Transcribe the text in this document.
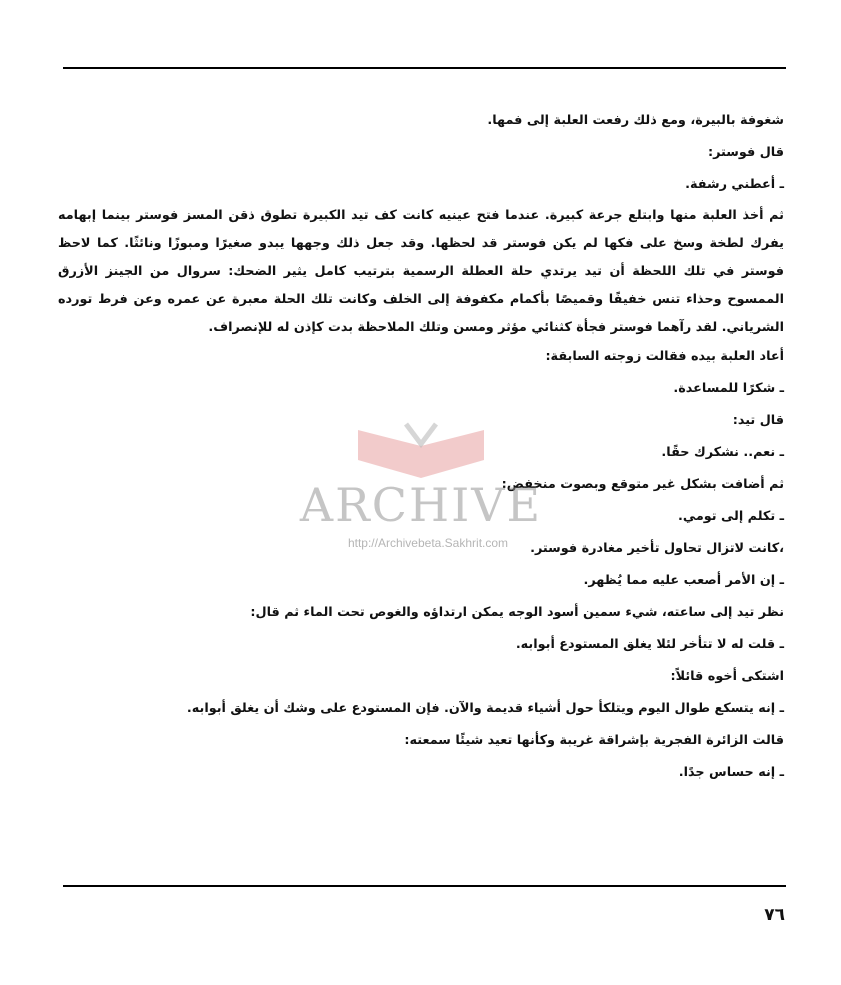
شغوفة بالبيرة، ومع ذلك رفعت العلبة إلى فمها.

قال فوستر:

ـ أعطني رشفة.

ثم أخذ العلبة منها وابتلع جرعة كبيرة. عندما فتح عينيه كانت كف تيد الكبيرة تطوق ذقن المسز فوستر بينما إبهامه يفرك لطخة وسخ على فكها لم يكن فوستر قد لحظها. وقد جعل ذلك وجهها يبدو صغيرًا ومبوزًا ونائثًا. كما لاحظ فوستر في تلك اللحظة أن تيد يرتدي حلة العطلة الرسمية بترتيب كامل يثير الضحك: سروال من الجينز الأزرق الممسوح وحذاء تنس خفيفًا وقميصًا بأكمام مكفوفة إلى الخلف وكانت تلك الحلة معبرة عن عمره وعن فرط تورده الشرياني. لقد رآهما فوستر فجأة كثنائي مؤثر ومسن وتلك الملاحظة بدت كإذن له للإنصراف.

أعاد العلبة بيده فقالت زوجته السابقة:

ـ شكرًا للمساعدة.

قال تيد:

ـ نعم.. نشكرك حقًا.

ثم أضافت بشكل غير متوقع وبصوت منخفض:

ـ تكلم إلى تومي.

،كانت لاتزال تحاول تأخير مغادرة فوستر.

ـ إن الأمر أصعب عليه مما يُظهر.

نظر تيد إلى ساعته، شيء سمين أسود الوجه يمكن ارتداؤه والغوص تحت الماء ثم قال:

ـ قلت له لا تتأخر لئلا يغلق المستودع أبوابه.

اشتكى أخوه قائلاً:

ـ إنه يتسكع طوال اليوم ويتلكأ حول أشياء قديمة والآن. فإن المستودع على وشك أن يغلق أبوابه.

قالت الزائرة الفجرية بإشراقة غريبة وكأنها تعيد شيئًا سمعته:

ـ إنه حساس جدًا.

ARCHIVE
http://Archivebeta.Sakhrit.com
٧٦
